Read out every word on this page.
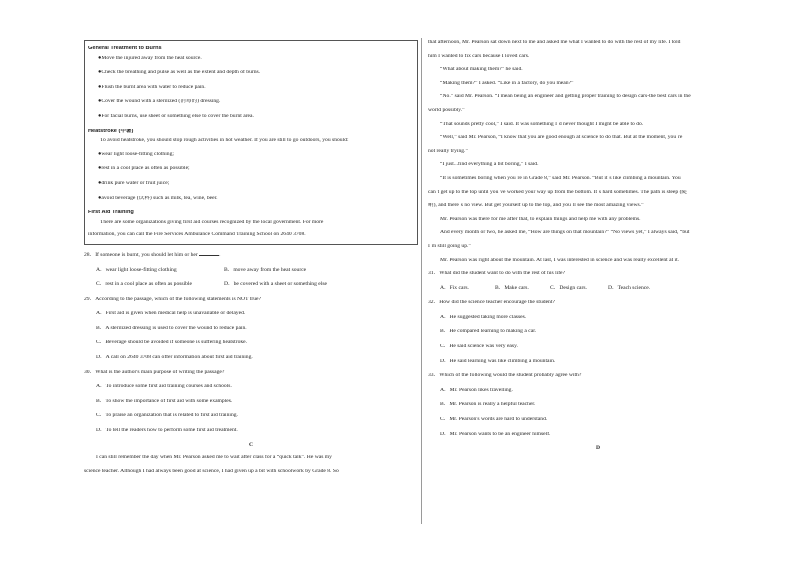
General Treatment to Burns
●Move the injured away from the heat source.
●Check the breathing and pulse as well as the extent and depth of burns.
●Flush the burnt area with water to reduce pain.
●Cover the wound with a sterilized (消毒的) dressing.
●For facial burns, use sheet or something else to cover the burnt area.
Heatstroke (中暑)
To avoid heatstroke, you should stop rough activities in hot weather. If you are still to go outdoors, you should:
●wear light loose-fitting clothing;
●rest in a cool place as often as possible;
●drink pure water or fruit juice;
●avoid beverage (饮料) such as milk, tea, wine, beer.
First Aid Training
There are some organizations giving first aid courses recognized by the local government. For more
information, you can call the Fire Services Ambulance Command Training School on 2640 3708.
28．If someone is burnt, you should let him or her	.
A．wear light loose-fitting clothing	B．move away from the heat source
C．rest in a cool place as often as possible	D．be covered with a sheet or something else
29．According to the passage, which of the following statements is NOT true?
A．First aid is given when medical help is unavailable or delayed.
B．A sterilized dressing is used to cover the wound to reduce pain.
C．Beverage should be avoided if someone is suffering heatstroke.
D．A call on 2640 3708 can offer information about first aid training.
30．What is the author's main purpose of writing the passage?
A．To introduce some first aid training courses and schools.
B．To show the importance of first aid with some examples.
C．To praise an organization that is related to first aid training.
D．To tell the readers how to perform some first aid treatment.
C
I can still remember the day when Mr. Pearson asked me to wait after class for a “quick talk”. He was my
science teacher. Although I had always been good at science, I had given up a bit with schoolwork by Grade 8. So
that afternoon, Mr. Pearson sat down next to me and asked me what I wanted to do with the rest of my life. I told
him I wanted to fix cars because I loved cars.
“What about making them?” he said.
“Making them?” I asked. “Like in a factory, do you mean?”
“No.” said Mr. Pearson. “I mean being an engineer and getting proper training to design cars-the best cars in the
world possibly.”
“That sounds pretty cool,” I said. It was something I`d never thought I might be able to do.
“Well,” said Mr. Pearson, “I know that you are good enough at science to do that. But at the moment, you`re
not really trying.”
“I just...find everything a bit boring,” I said.
“It is sometimes boring when you`re in Grade 8,” said Mr. Pearson. “But it`s like climbing a mountain. You
can`t get up to the top until you`ve worked your way up from the bottom. It`s hard sometimes. The path is steep (陡
峭), and there`s no view. But get yourself up to the top, and you`ll see the most amazing views.”
Mr. Pearson was there for me after that, to explain things and help me with any problems.
And every month or two, he asked me, “How are things on that mountain?” “No views yet,” I always said, “but
I`m still going up.”
Mr. Pearson was right about the mountain. At last, I was interested in science and was really excellent at it.
31．What did the student want to do with the rest of his life?
A．Fix cars.	B．Make cars.	C．Design cars.	D．Teach science.
32．How did the science teacher encourage the student?
A．He suggested taking more classes.
B．He compared learning to making a car.
C．He said science was very easy.
D．He said learning was like climbing a mountain.
33．Which of the following would the student probably agree with?
A．Mr. Pearson likes travelling.
B．Mr. Pearson is really a helpful teacher.
C．Mr. Pearson's words are hard to understand.
D．Mr. Pearson wants to be an engineer himself.
D
